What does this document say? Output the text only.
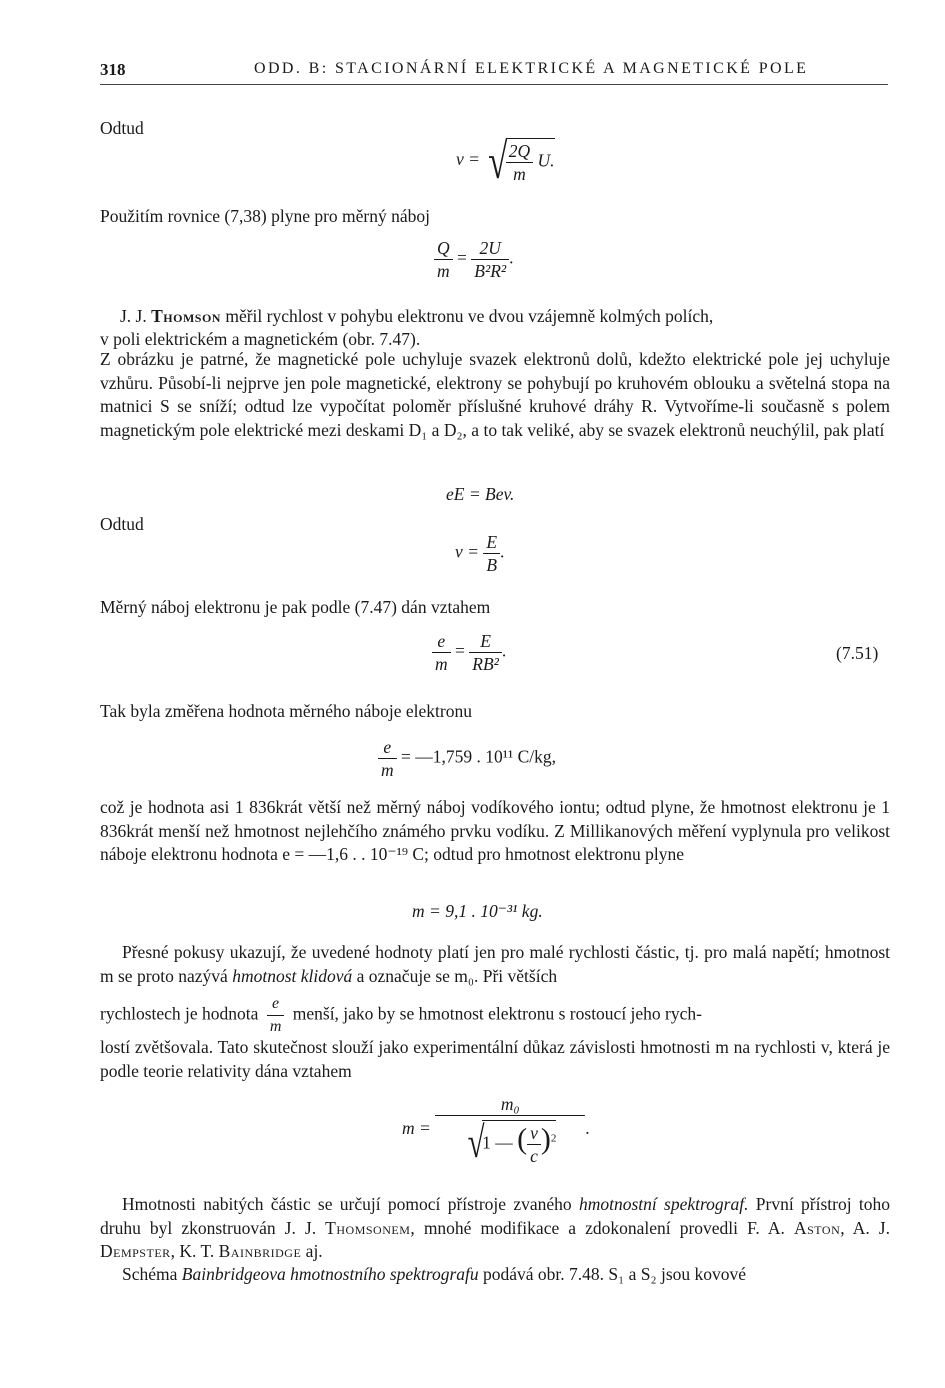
318	ODD. B: STACIONÁRNÍ ELEKTRICKÉ A MAGNETICKÉ POLE
Odtud
v = √
$\frac{2Q}{m} U$.
Použitím rovnice (7,38) plyne pro měrný náboj
$\frac{Q}{m} = \frac{2U}{\text{B²R²}}$ .
J. J. Thomson měřil rychlost v pohybu elektronu ve dvou vzájemně kolmých polích,
v poli elektrickém a magnetickém (obr. 7.47).
Z obrázku je patrné, že magnetické pole uchyluje svazek elektronů dolů, kdežto elektrické pole jej uchyluje vzhůru. Působí-li nejprve jen pole magnetické, elektrony se pohybují po kruhovém oblouku a světelná stopa na matnici S se sníží; odtud lze vypočítat poloměr příslušné kruhové dráhy R. Vytvoříme-li současně s polem magnetickým pole elektrické mezi deskami D₁ a D₂, a to tak veliké, aby se svazek elektronů neuchýlil, pak platí
eE = Bev.
Odtud
$v = \frac{E}{B}$ .
Měrný náboj elektronu je pak podle (7.47) dán vztahem
$\frac{e}{m} = \frac{E}{\text{RB²}}$ .	(7.51)
Tak byla změřena hodnota měrného náboje elektronu
$\frac{e}{m}$ = —1,759 . 10¹¹ C/kg,
což je hodnota asi 1 836krát větší než měrný náboj vodíkového iontu; odtud plyne, že hmotnost elektronu je 1 836krát menší než hmotnost nejlehčího známého prvku vodíku. Z Millikanových měření vyplynula pro velikost náboje elektronu hodnota e = —1,6 . . 10⁻¹⁹ C; odtud pro hmotnost elektronu plyne
m = 9,1 . 10⁻³¹ kg.
Přesné pokusy ukazují, že uvedené hodnoty platí jen pro malé rychlosti částic, tj. pro malá napětí; hmotnost m se proto nazývá hmotnost klidová a označuje se m₀. Při větších
rychlostech je hodnota $\frac{e}{m}$ menší, jako by se hmotnost elektronu s rostoucí jeho rych-
lostí zvětšovala. Tato skutečnost slouží jako experimentální důkaz závislosti hmotnosti m na rychlosti v, která je podle teorie relativity dána vztahem
$m = \frac{\text{m₀}}{√1 — ( \frac{v}{c} )^2}$ .
Hmotnosti nabitých částic se určují pomocí přístroje zvaného hmotnostní spektrograf. První přístroj toho druhu byl zkonstruován J. J. Thomsonem, mnohé modifikace a zdokonalení provedli F. A. Aston, A. J. Dempster, K. T. Bainbridge aj.
Schéma Bainbridgeova hmotnostního spektrografu podává obr. 7.48. S₁ a S₂ jsou kovové
